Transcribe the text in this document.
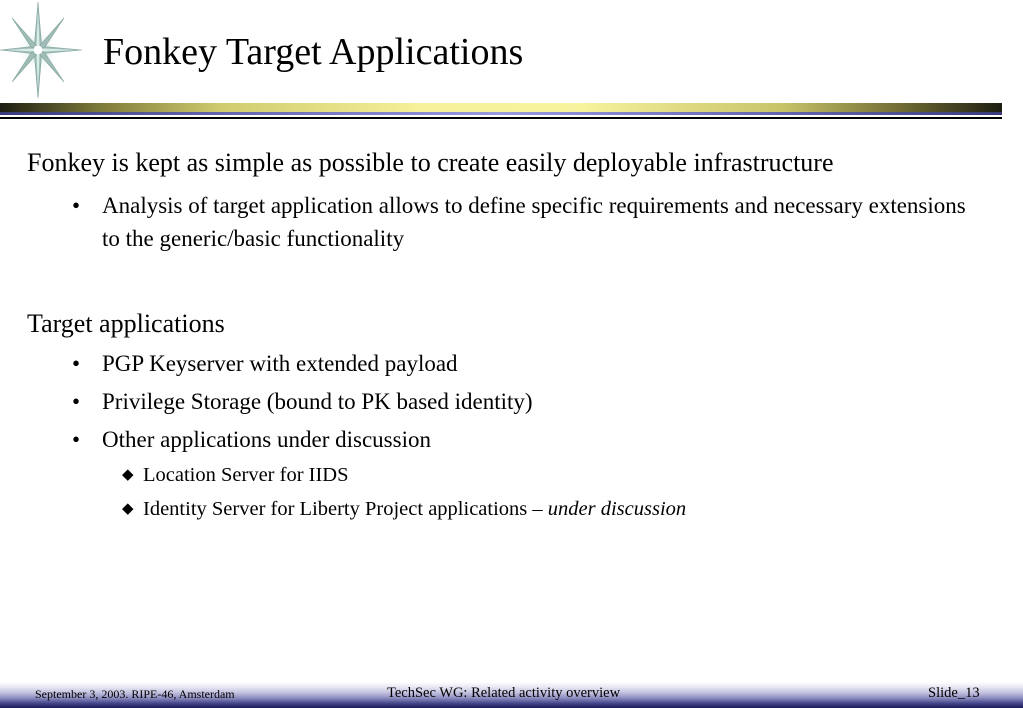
Fonkey Target Applications
Fonkey is kept as simple as possible to create easily deployable infrastructure
• Analysis of target application allows to define specific requirements and necessary extensions to the generic/basic functionality
Target applications
• PGP Keyserver with extended payload
• Privilege Storage (bound to PK based identity)
• Other applications under discussion
◆ Location Server for IIDS
◆ Identity Server for Liberty Project applications – under discussion
September 3, 2003. RIPE-46, Amsterdam	TechSec WG: Related activity overview	Slide_13
